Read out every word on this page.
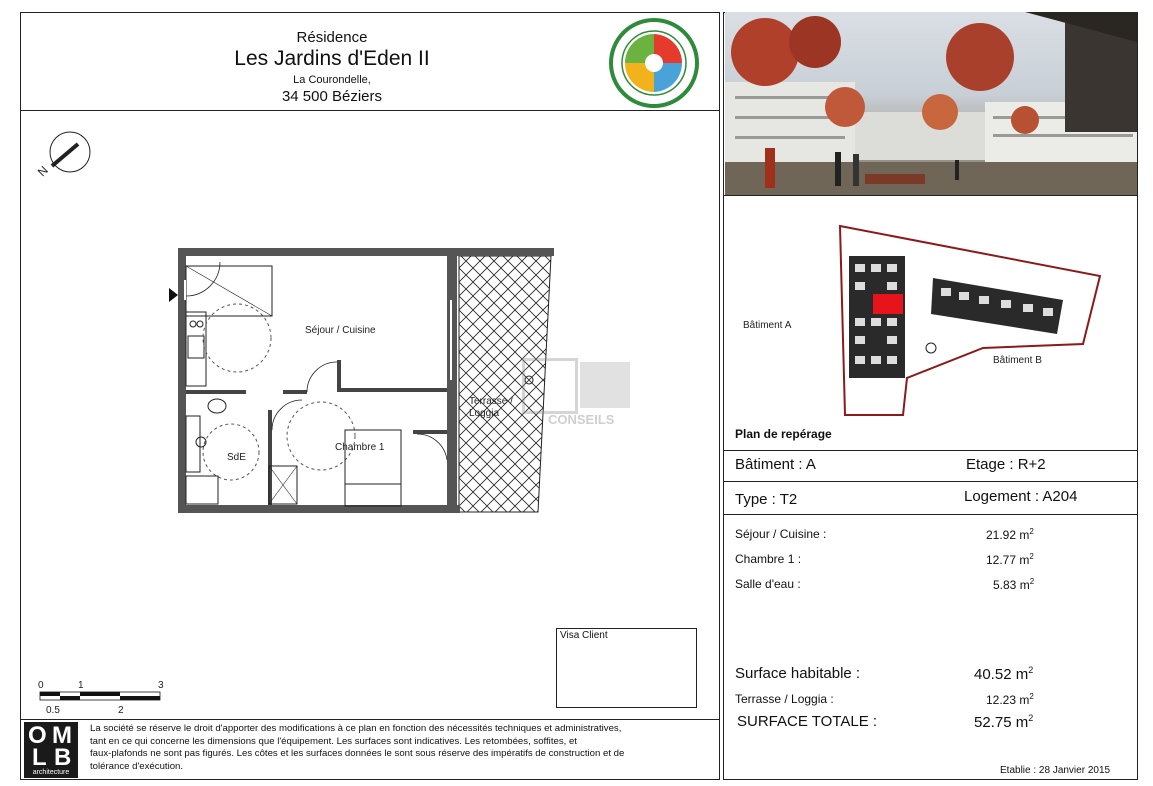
Résidence
Les Jardins d'Eden II
La Courondelle,
34 500 Béziers
N
Séjour / Cuisine
Chambre 1
SdE
Terrasse /
Loggia	CONSEILS
0	1	3
0.5	2
Visa Client
O M
L B
architecture
La société se réserve le droit d'apporter des modifications à ce plan en fonction des nécessités techniques et administratives,
tant en ce qui concerne les dimensions que l'équipement. Les surfaces sont indicatives. Les retombées, soffites, et
faux-plafonds ne sont pas figurés. Les côtes et les surfaces données le sont sous réserve des impératifs de construction et de
tolérance d'exécution.
Bâtiment A
Bâtiment B
Plan de repérage
Bâtiment : A	Etage : R+2
Type : T2	Logement : A204
Séjour / Cuisine :	21.92 $m^2$
Chambre 1 :	12.77 $m^2$
Salle d'eau :	5.83 $m^2$
Surface habitable :	40.52 $m^2$
Terrasse / Loggia :	12.23 $m^2$
SURFACE TOTALE :	52.75 $m^2$
Etablie : 28 Janvier 2015
